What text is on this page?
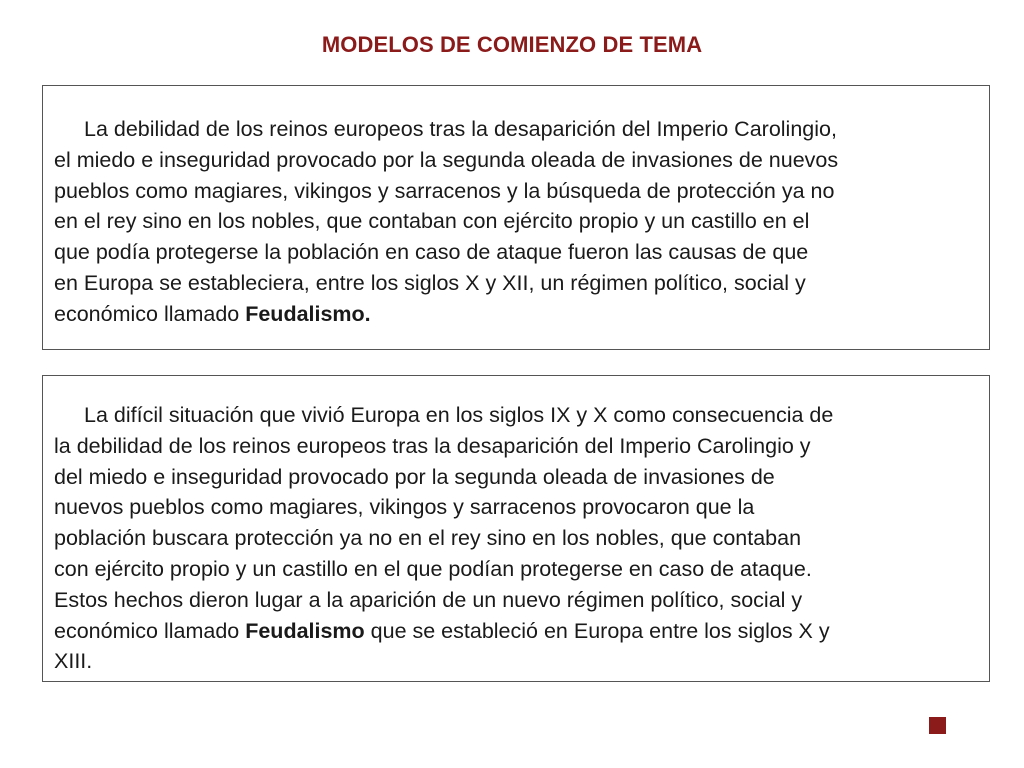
MODELOS DE COMIENZO DE TEMA

La debilidad de los reinos europeos tras la desaparición del Imperio Carolingio,
el miedo e inseguridad provocado por la segunda oleada de invasiones de nuevos
pueblos como magiares, vikingos y sarracenos y la búsqueda de protección ya no
en el rey sino en los nobles, que contaban con ejército propio y un castillo en el
que podía protegerse la población en caso de ataque fueron las causas de que
en Europa se estableciera, entre los siglos X y XII, un régimen político, social y
económico llamado Feudalismo.

La difícil situación que vivió Europa en los siglos IX y X como consecuencia de
la debilidad de los reinos europeos tras la desaparición del Imperio Carolingio y
del miedo e inseguridad provocado por la segunda oleada de invasiones de
nuevos pueblos como magiares, vikingos y sarracenos provocaron que la
población buscara protección ya no en el rey sino en los nobles, que contaban
con ejército propio y un castillo en el que podían protegerse en caso de ataque.
Estos hechos dieron lugar a la aparición de un nuevo régimen político, social y
económico llamado Feudalismo que se estableció en Europa entre los siglos X y
XIII.
